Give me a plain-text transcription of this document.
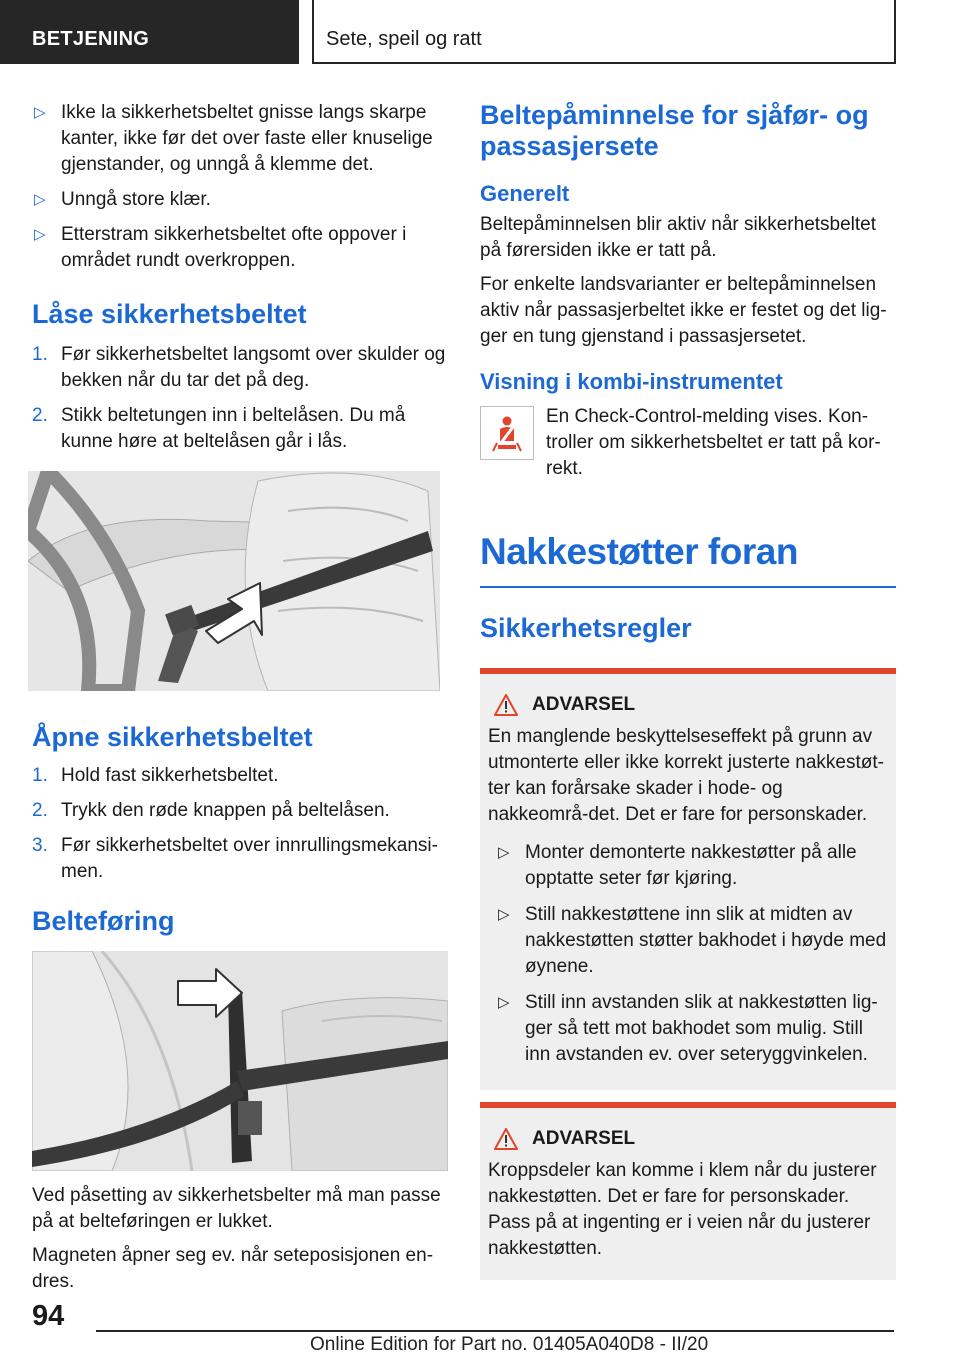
BETJENING	Sete, speil og ratt
▷ Ikke la sikkerhetsbeltet gnisse langs skarpe kanter, ikke før det over faste eller knuselige gjenstander, og unngå å klemme det.
▷ Unngå store klær.
▷ Etterstram sikkerhetsbeltet ofte oppover i området rundt overkroppen.
Låse sikkerhetsbeltet
1. Før sikkerhetsbeltet langsomt over skulder og bekken når du tar det på deg.
2. Stikk beltetungen inn i beltelåsen. Du må kunne høre at beltelåsen går i lås.
Åpne sikkerhetsbeltet
1. Hold fast sikkerhetsbeltet.
2. Trykk den røde knappen på beltelåsen.
3. Før sikkerhetsbeltet over innrullingsmekansi-men.
Belteføring

Ved påsetting av sikkerhetsbelter må man passe på at belteføringen er lukket.

Magneten åpner seg ev. når seteposisjonen en-dres.

Beltepåminnelse for sjåfør- og passasjersete
Generelt

Beltepåminnelsen blir aktiv når sikkerhetsbeltet på førersiden ikke er tatt på.

For enkelte landsvarianter er beltepåminnelsen aktiv når passasjerbeltet ikke er festet og det lig-ger en tung gjenstand i passasjersetet.

Visning i kombi-instrumentet

En Check-Control-melding vises. Kon-troller om sikkerhetsbeltet er tatt på kor-rekt.

Nakkestøtter foran
Sikkerhetsregler
ADVARSEL

En manglende beskyttelseseffekt på grunn av utmonterte eller ikke korrekt justerte nakkestøt-ter kan forårsake skader i hode- og nakkeområ-det. Det er fare for personskader.

▷ Monter demonterte nakkestøtter på alle opptatte seter før kjøring.
▷ Still nakkestøttene inn slik at midten av nakkestøtten støtter bakhodet i høyde med øynene.
▷ Still inn avstanden slik at nakkestøtten lig-ger så tett mot bakhodet som mulig. Still inn avstanden ev. over seteryggvinkelen.
ADVARSEL

Kroppsdeler kan komme i klem når du justerer nakkestøtten. Det er fare for personskader. Pass på at ingenting er i veien når du justerer nakkestøtten.

94
Online Edition for Part no. 01405A040D8 - II/20
